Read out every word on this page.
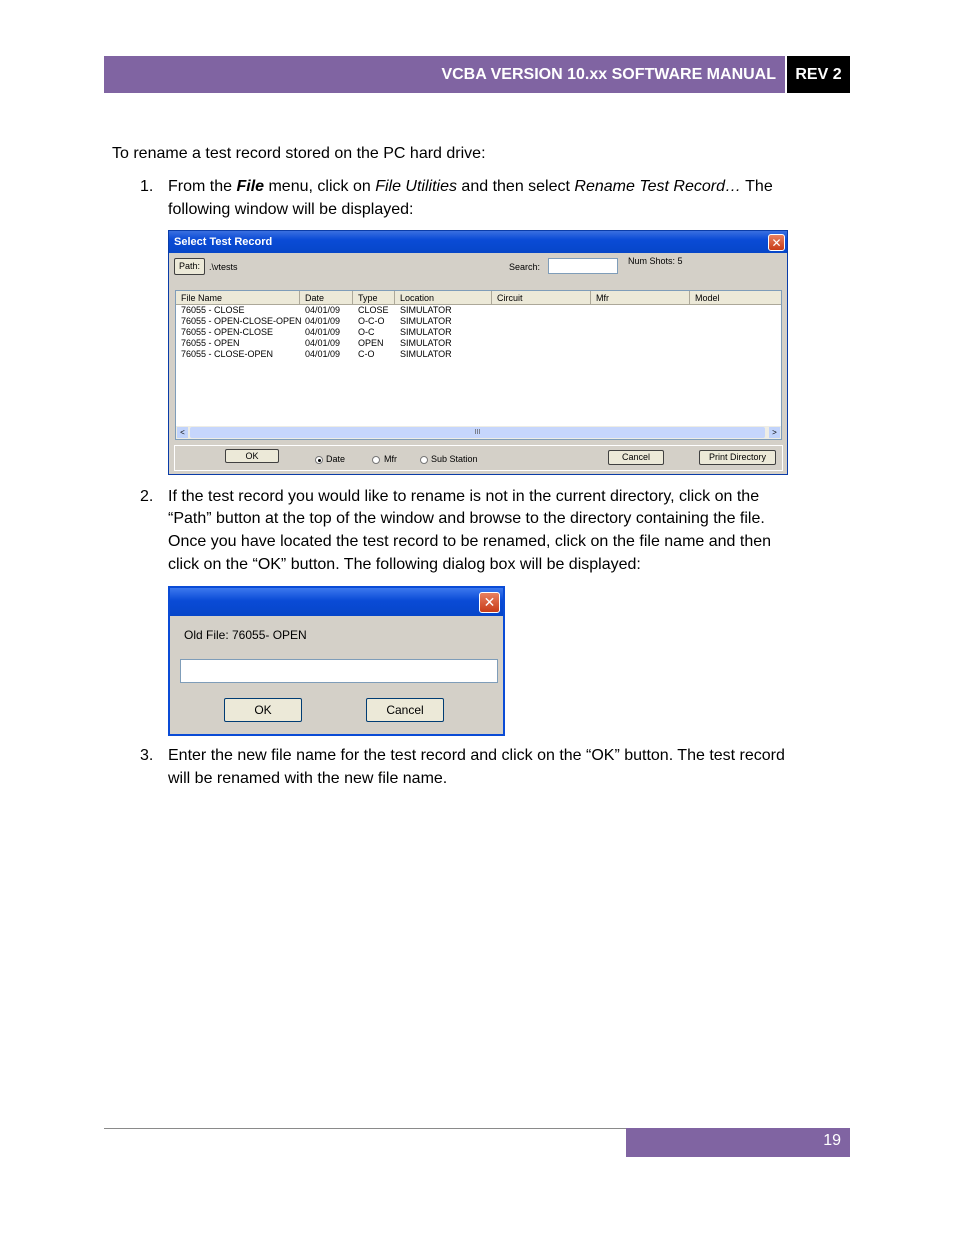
VCBA VERSION 10.xx SOFTWARE MANUAL	REV 2
To rename a test record stored on the PC hard drive:
1. From the File menu, click on File Utilities and then select Rename Test Record… The
following window will be displayed:
Select Test Record	✕
Path:	.\vtests	Search:
Num Shots: 5
File Name	Date	Type Location	Circuit	Mfr	Model
76055 - CLOSE	04/01/09 CLOSE SIMULATOR
76055 - OPEN-CLOSE-OPEN 04/01/09 O-C-O SIMULATOR
76055 - OPEN-CLOSE	04/01/09 O-C	SIMULATOR
76055 - OPEN	04/01/09 OPEN SIMULATOR
76055 - CLOSE-OPEN	04/01/09 C-O	SIMULATOR
<	III	>
OK	Date	Mfr	Sub Station	Cancel	Print Directory
2. If the test record you would like to rename is not in the current directory, click on the
“Path” button at the top of the window and browse to the directory containing the file.
Once you have located the test record to be renamed, click on the file name and then
click on the “OK” button. The following dialog box will be displayed:
✕
Old File: 76055- OPEN
OK	Cancel
3. Enter the new file name for the test record and click on the “OK” button. The test record
will be renamed with the new file name.
19
